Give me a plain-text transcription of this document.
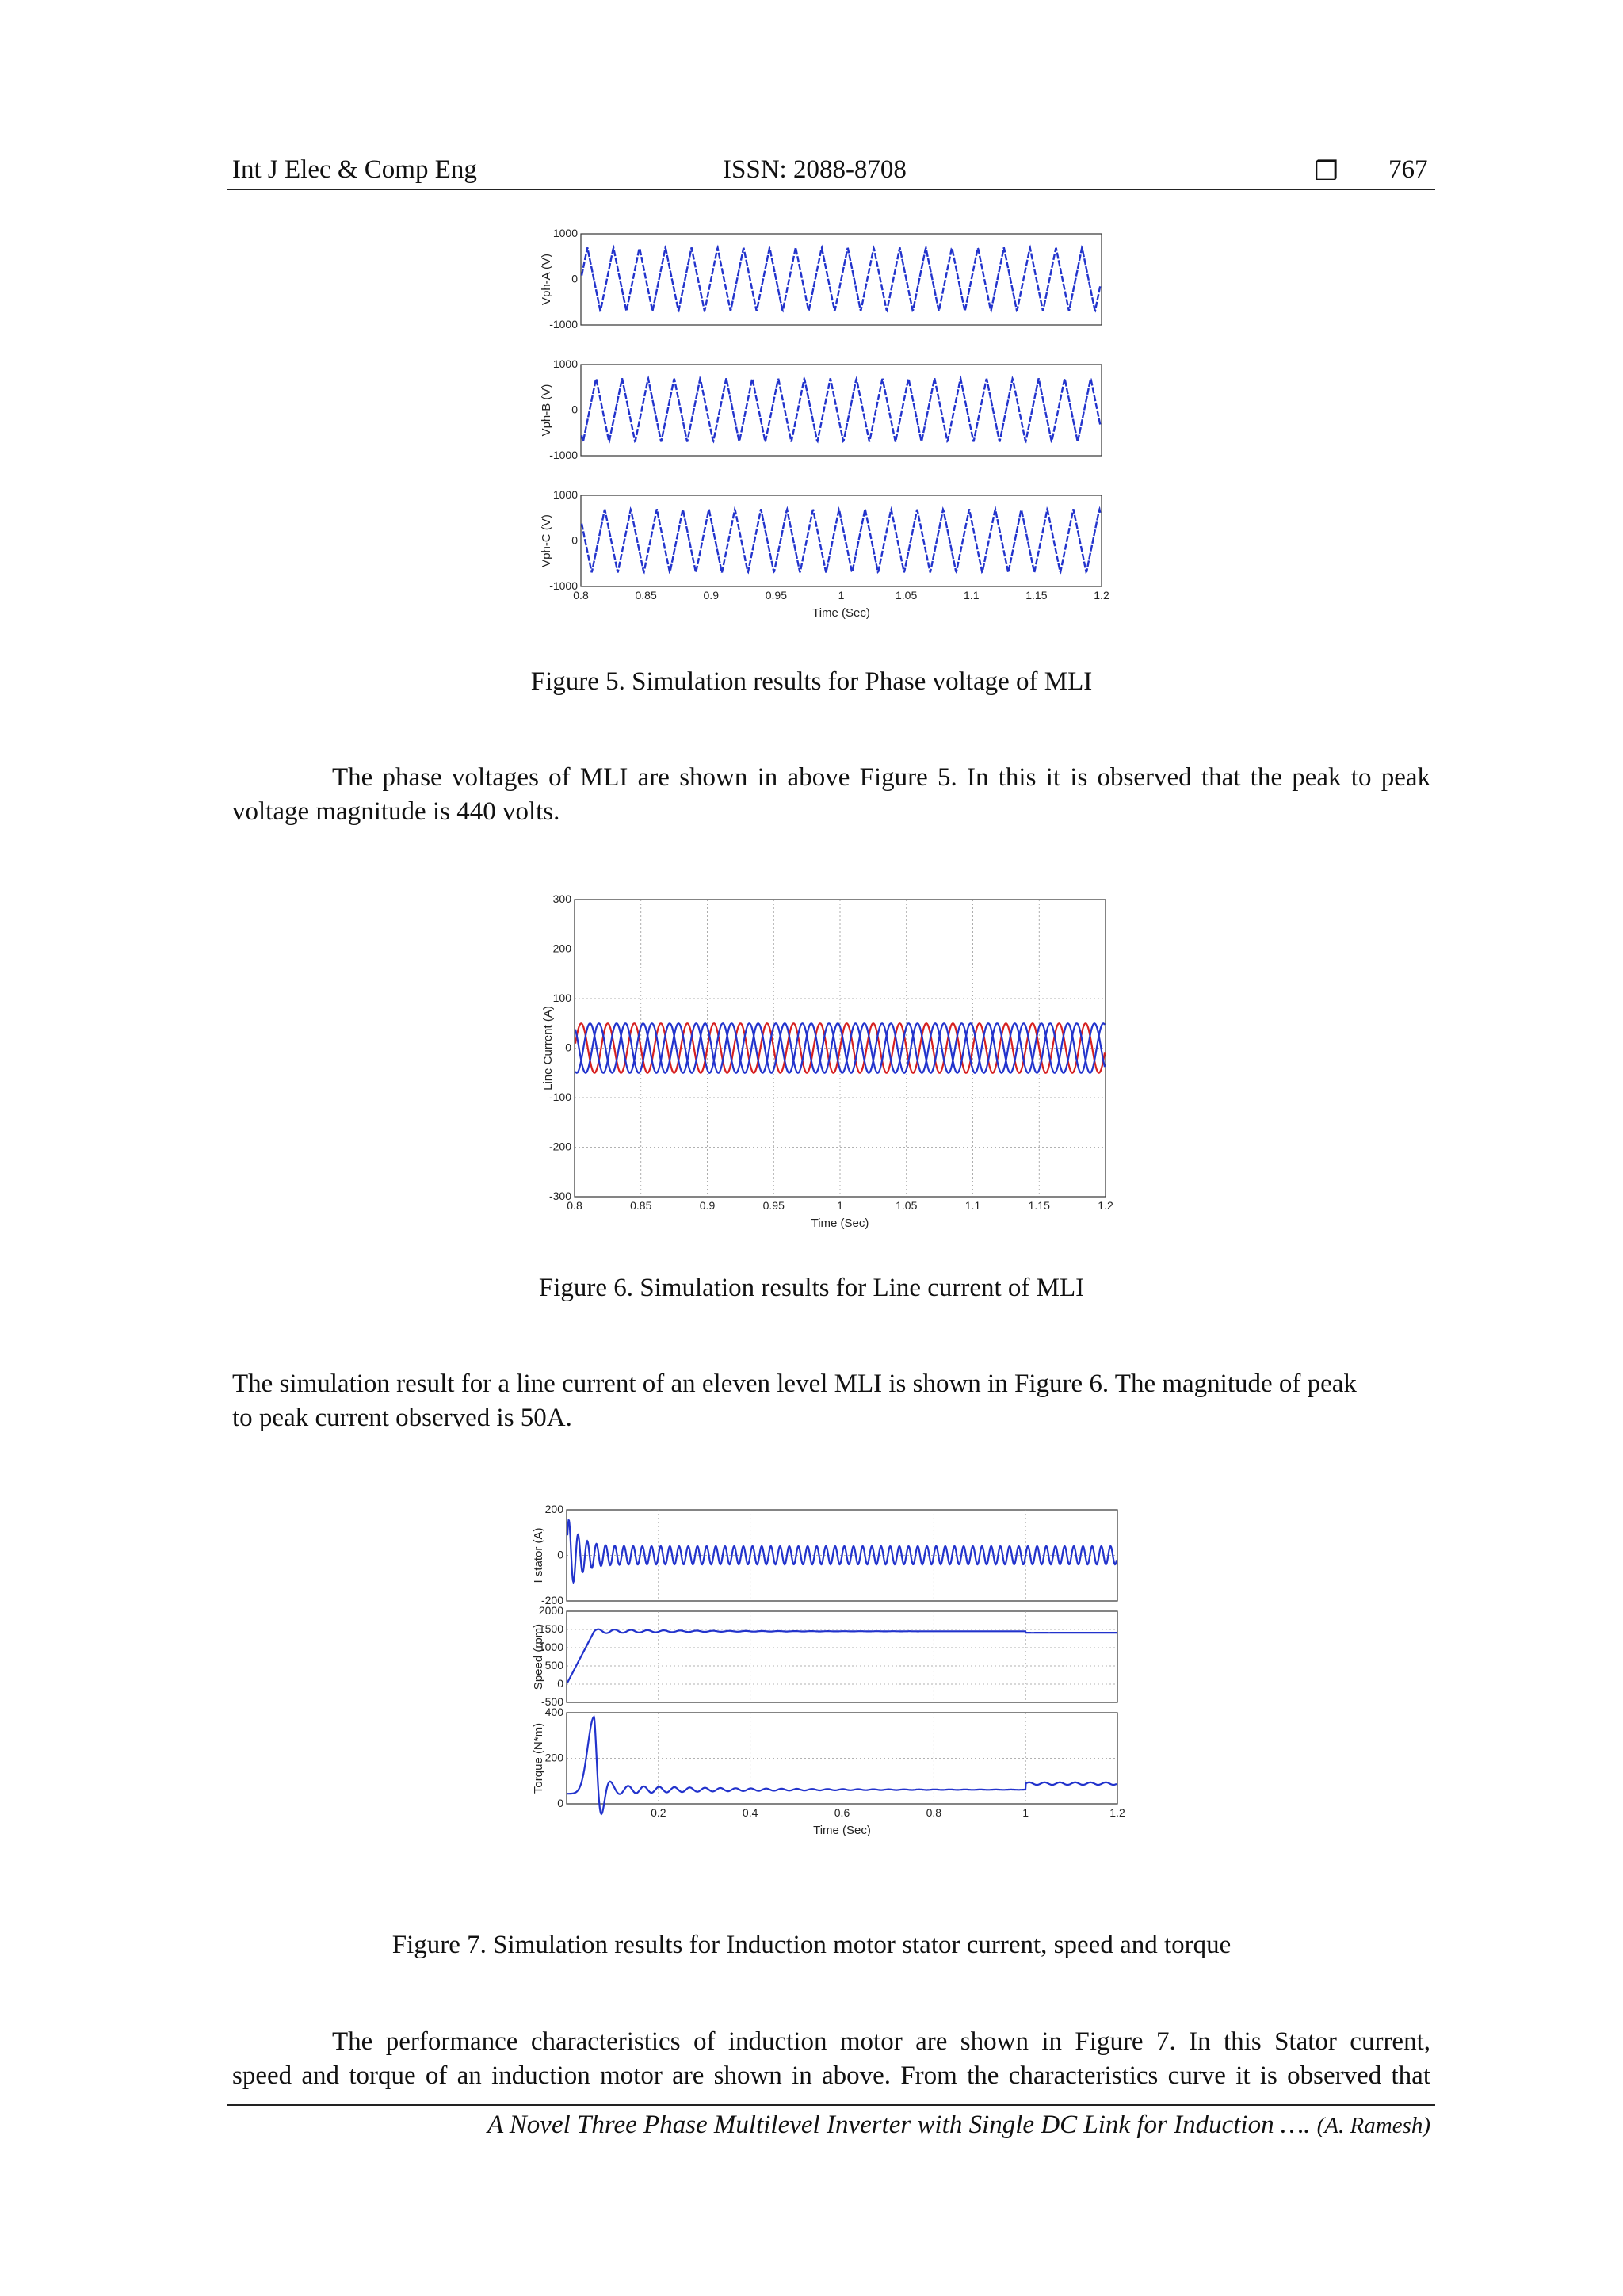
Int J Elec & Comp Eng	ISSN: 2088-8708	❒ 767
1000
0
-1000
Vph-A (V)
1000
0
-1000
Vph-B (V)
1000
0
-1000
Vph-C (V)
0.8	0.85	0.9	0.95	1	1.05	1.1	1.15	1.2
Time (Sec)
Figure 5. Simulation results for Phase voltage of MLI
The phase voltages of MLI are shown in above Figure 5. In this it is observed that the peak to peak
voltage magnitude is 440 volts.
300
200
100
0
-100
-200
-300
Line Current (A)
0.8	0.85	0.9	0.95	1	1.05	1.1	1.15	1.2
Time (Sec)
Figure 6. Simulation results for Line current of MLI
The simulation result for a line current of an eleven level MLI is shown in Figure 6. The magnitude of peak
to peak current observed is 50A.
200
0
-200
I stator (A)
2000
1500
1000
500
0
-500
Speed (rpm)
400
200
0
Torque (N*m)
0.2	0.4	0.6	0.8	1	1.2
Time (Sec)
Figure 7. Simulation results for Induction motor stator current, speed and torque
The performance characteristics of induction motor are shown in Figure 7. In this Stator current,
speed and torque of an induction motor are shown in above. From the characteristics curve it is observed that
A Novel Three Phase Multilevel Inverter with Single DC Link for Induction …. (A. Ramesh)
